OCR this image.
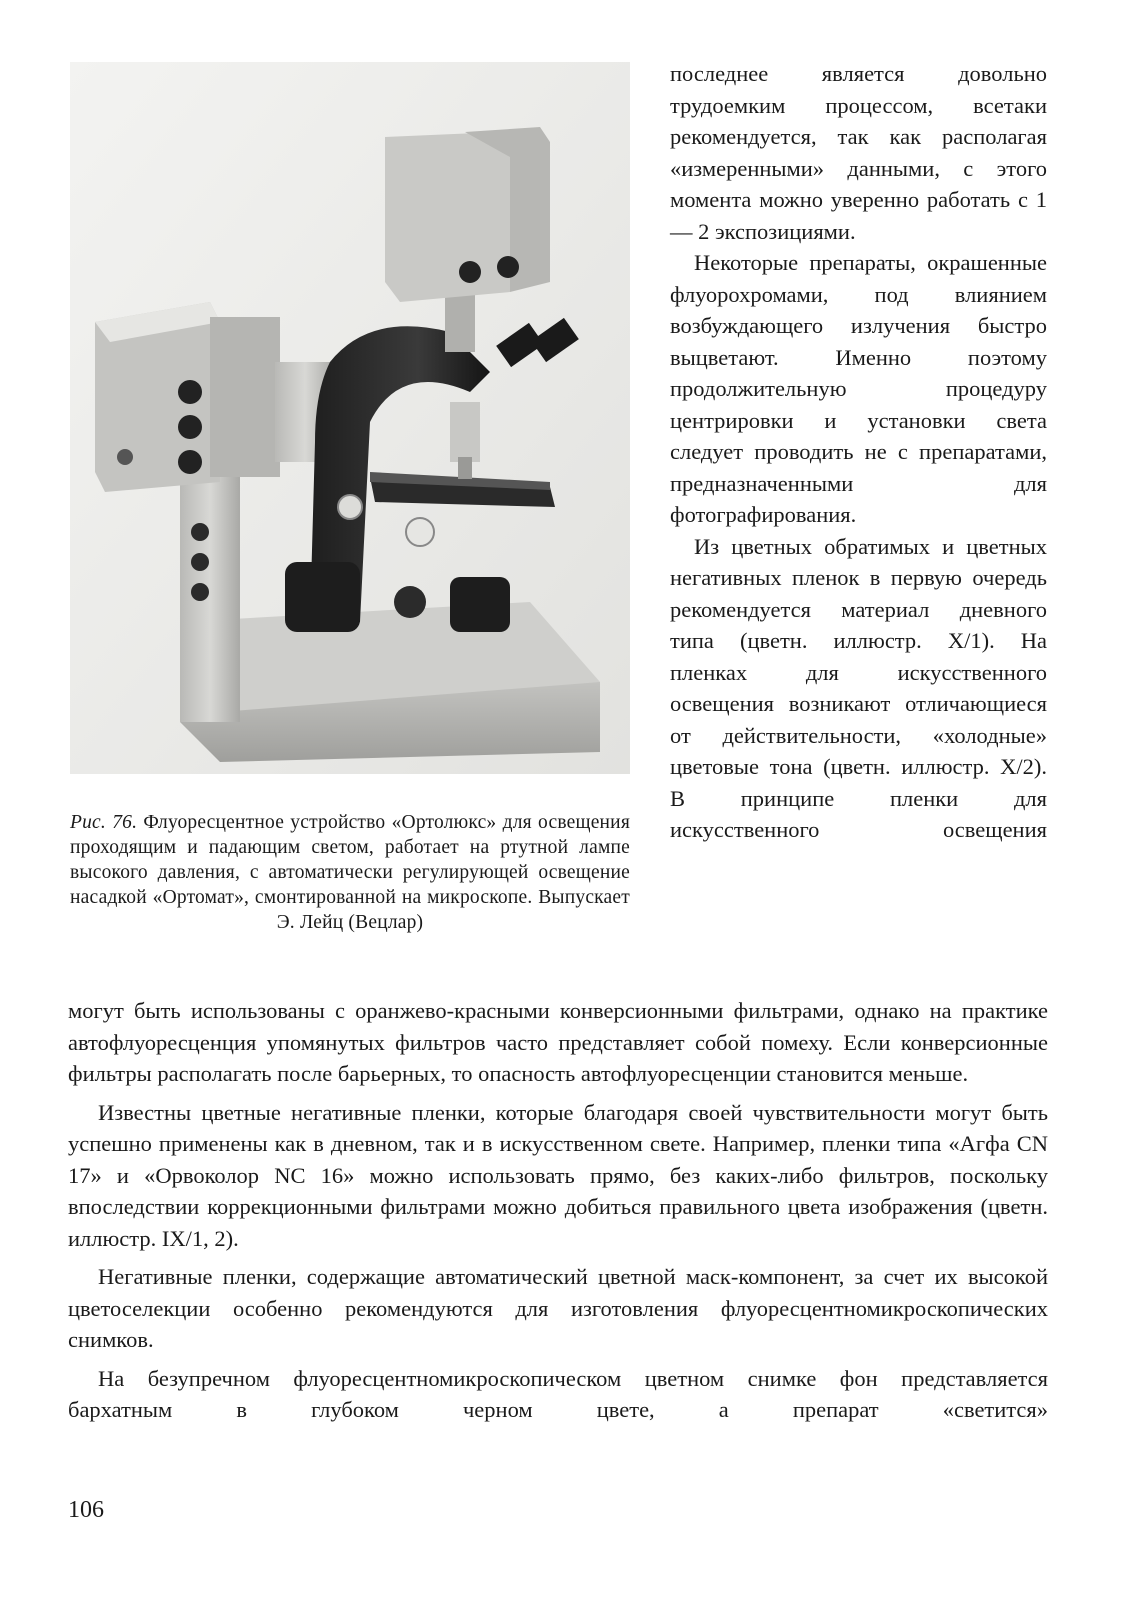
Рис. 76. Флуоресцентное устройство «Ортолюкс» для освещения проходящим и падающим светом, работает на ртутной лампе высокого давления, с автоматически регулирующей освещение насадкой «Ортомат», смонтированной на микроскопе. Выпускает Э. Лейц (Вецлар)

последнее является довольно трудоемким процессом, всетаки рекомендуется, так как располагая «измеренными» данными, с этого момента можно уверенно работать с 1 — 2 экспозициями.

Некоторые препараты, окрашенные флуорохромами, под влиянием возбуждающего излучения быстро выцветают. Именно поэтому продолжительную процедуру центрировки и установки света следует проводить не с препаратами, предназначенными для фотографирования.

Из цветных обратимых и цветных негативных пленок в первую очередь рекомендуется материал дневного типа (цветн. иллюстр. X/1). На пленках для искусственного освещения возникают отличающиеся от действительности, «холодные» цветовые тона (цветн. иллюстр. X/2). В принципе пленки для искусственного освещения

могут быть использованы с оранжево-красными конверсионными фильтрами, однако на практике автофлуоресценция упомянутых фильтров часто представляет собой помеху. Если конверсионные фильтры располагать после барьерных, то опасность автофлуоресценции становится меньше.

Известны цветные негативные пленки, которые благодаря своей чувствительности могут быть успешно применены как в дневном, так и в искусственном свете. Например, пленки типа «Агфа CN 17» и «Орвоколор NC 16» можно использовать прямо, без каких-либо фильтров, поскольку впоследствии коррекционными фильтрами можно добиться правильного цвета изображения (цветн. иллюстр. IX/1, 2).

Негативные пленки, содержащие автоматический цветной маск-компонент, за счет их высокой цветоселекции особенно рекомендуются для изготовления флуоресцентномикроскопических снимков.

На безупречном флуоресцентномикроскопическом цветном снимке фон представляется бархатным в глубоком черном цвете, а препарат «светится»

106
